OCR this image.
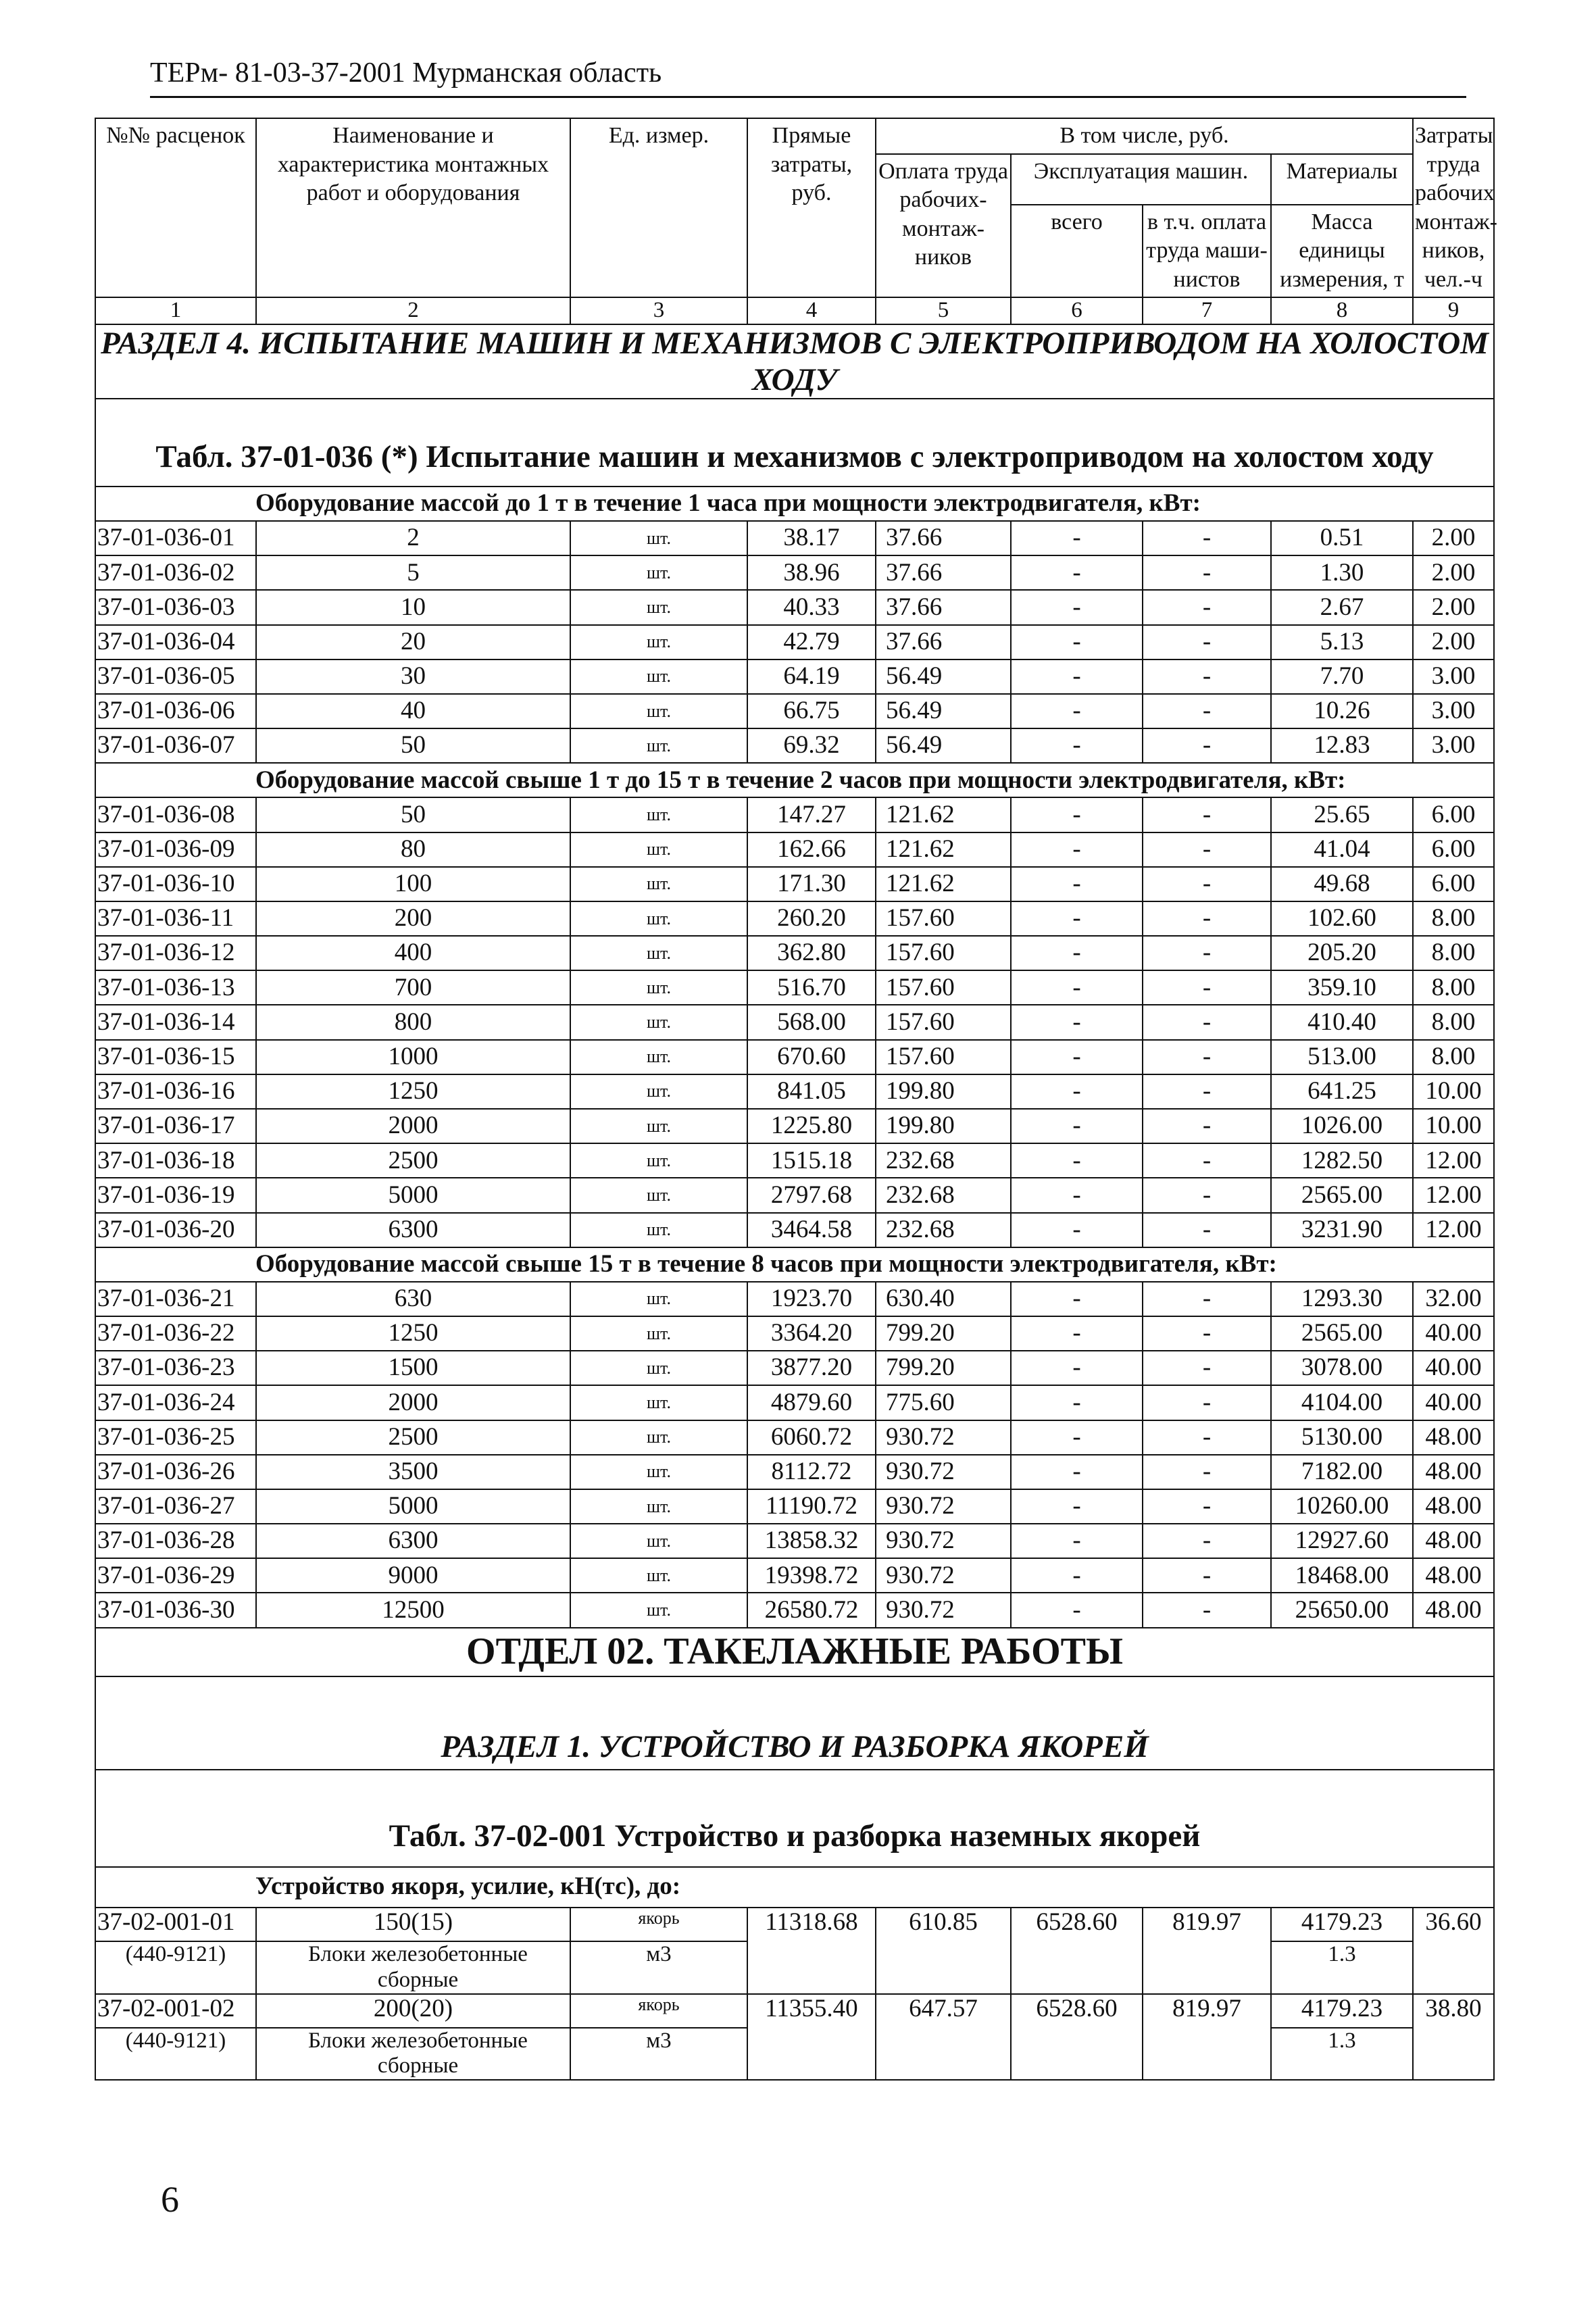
ТЕРм- 81-03-37-2001 Мурманская область
№№ расценок	Наименование и характеристика монтажных работ и оборудования	Ед. измер.	Прямые затраты, руб.	В том числе, руб.				Затраты труда рабочих монтаж-ников, чел.-ч
				Оплата труда рабочих-монтаж-ников	Эксплуатация машин.		Материалы	
					всего	в т.ч. оплата труда маши-нистов	Масса единицы измерения, т	
1	2	3	4	5	6	7	8	9
РАЗДЕЛ 4. ИСПЫТАНИЕ МАШИН И МЕХАНИЗМОВ С ЭЛЕКТРОПРИВОДОМ НА ХОЛОСТОМ ХОДУ								
Табл. 37-01-036 (*) Испытание машин и механизмов с электроприводом на холостом ходу								
Оборудование массой до 1 т в течение 1 часа при мощности электродвигателя, кВт:								
37-01-036-01	2	шт.	38.17	37.66	-	-	0.51	2.00
37-01-036-02	5	шт.	38.96	37.66	-	-	1.30	2.00
37-01-036-03	10	шт.	40.33	37.66	-	-	2.67	2.00
37-01-036-04	20	шт.	42.79	37.66	-	-	5.13	2.00
37-01-036-05	30	шт.	64.19	56.49	-	-	7.70	3.00
37-01-036-06	40	шт.	66.75	56.49	-	-	10.26	3.00
37-01-036-07	50	шт.	69.32	56.49	-	-	12.83	3.00
Оборудование массой свыше 1 т до 15 т в течение 2 часов при мощности электродвигателя, кВт:								
37-01-036-08	50	шт.	147.27	121.62	-	-	25.65	6.00
37-01-036-09	80	шт.	162.66	121.62	-	-	41.04	6.00
37-01-036-10	100	шт.	171.30	121.62	-	-	49.68	6.00
37-01-036-11	200	шт.	260.20	157.60	-	-	102.60	8.00
37-01-036-12	400	шт.	362.80	157.60	-	-	205.20	8.00
37-01-036-13	700	шт.	516.70	157.60	-	-	359.10	8.00
37-01-036-14	800	шт.	568.00	157.60	-	-	410.40	8.00
37-01-036-15	1000	шт.	670.60	157.60	-	-	513.00	8.00
37-01-036-16	1250	шт.	841.05	199.80	-	-	641.25	10.00
37-01-036-17	2000	шт.	1225.80	199.80	-	-	1026.00	10.00
37-01-036-18	2500	шт.	1515.18	232.68	-	-	1282.50	12.00
37-01-036-19	5000	шт.	2797.68	232.68	-	-	2565.00	12.00
37-01-036-20	6300	шт.	3464.58	232.68	-	-	3231.90	12.00
Оборудование массой свыше 15 т в течение 8 часов при мощности электродвигателя, кВт:								
37-01-036-21	630	шт.	1923.70	630.40	-	-	1293.30	32.00
37-01-036-22	1250	шт.	3364.20	799.20	-	-	2565.00	40.00
37-01-036-23	1500	шт.	3877.20	799.20	-	-	3078.00	40.00
37-01-036-24	2000	шт.	4879.60	775.60	-	-	4104.00	40.00
37-01-036-25	2500	шт.	6060.72	930.72	-	-	5130.00	48.00
37-01-036-26	3500	шт.	8112.72	930.72	-	-	7182.00	48.00
37-01-036-27	5000	шт.	11190.72	930.72	-	-	10260.00	48.00
37-01-036-28	6300	шт.	13858.32	930.72	-	-	12927.60	48.00
37-01-036-29	9000	шт.	19398.72	930.72	-	-	18468.00	48.00
37-01-036-30	12500	шт.	26580.72	930.72	-	-	25650.00	48.00
ОТДЕЛ 02. ТАКЕЛАЖНЫЕ РАБОТЫ								
РАЗДЕЛ 1. УСТРОЙСТВО И РАЗБОРКА ЯКОРЕЙ								
Табл. 37-02-001 Устройство и разборка наземных якорей								
Устройство якоря, усилие, кН(тс), до:								
37-02-001-01	150(15)	якорь	11318.68	610.85	6528.60	819.97	4179.23	36.60
(440-9121)	Блоки железобетонные сборные	м3					1.3	
37-02-001-02	200(20)	якорь	11355.40	647.57	6528.60	819.97	4179.23	38.80
(440-9121)	Блоки железобетонные сборные	м3					1.3	
6
